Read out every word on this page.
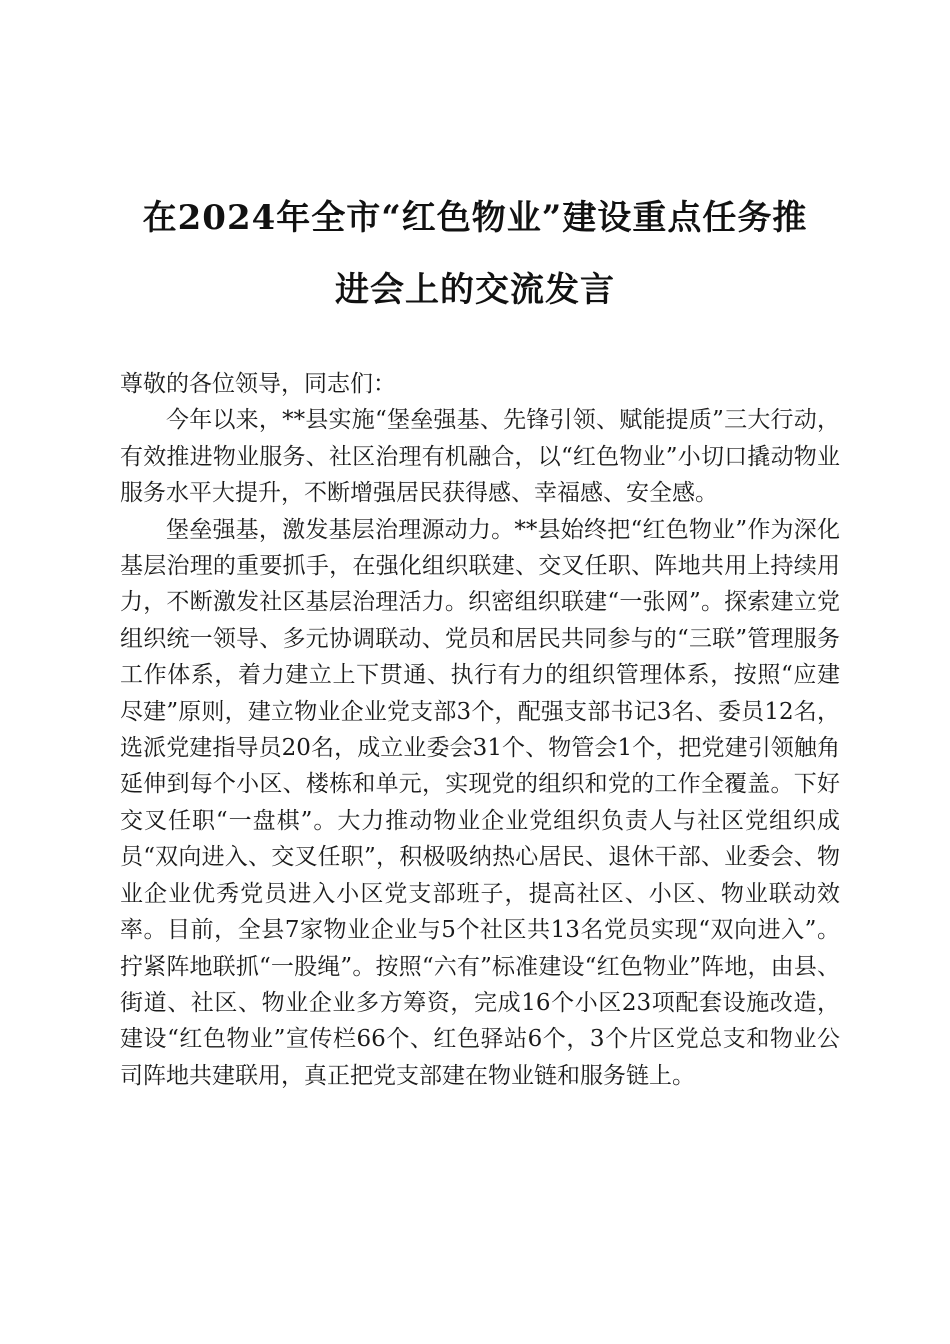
在2024年全市“红色物业”建设重点任务推
进会上的交流发言

尊敬的各位领导，同志们：

今年以来，**县实施“堡垒强基、先锋引领、赋能提质”三大行动，有效推进物业服务、社区治理有机融合，以“红色物业”小切口撬动物业服务水平大提升，不断增强居民获得感、幸福感、安全感。

堡垒强基，激发基层治理源动力。**县始终把“红色物业”作为深化基层治理的重要抓手，在强化组织联建、交叉任职、阵地共用上持续用力，不断激发社区基层治理活力。织密组织联建“一张网”。探索建立党组织统一领导、多元协调联动、党员和居民共同参与的“三联”管理服务工作体系，着力建立上下贯通、执行有力的组织管理体系，按照“应建尽建”原则，建立物业企业党支部3个，配强支部书记3名、委员12名，选派党建指导员20名，成立业委会31个、物管会1个，把党建引领触角延伸到每个小区、楼栋和单元，实现党的组织和党的工作全覆盖。下好交叉任职“一盘棋”。大力推动物业企业党组织负责人与社区党组织成员“双向进入、交叉任职”，积极吸纳热心居民、退休干部、业委会、物业企业优秀党员进入小区党支部班子，提高社区、小区、物业联动效率。目前，全县7家物业企业与5个社区共13名党员实现“双向进入”。拧紧阵地联抓“一股绳”。按照“六有”标准建设“红色物业”阵地，由县、街道、社区、物业企业多方筹资，完成16个小区23项配套设施改造，建设“红色物业”宣传栏66个、红色驿站6个，3个片区党总支和物业公司阵地共建联用，真正把党支部建在物业链和服务链上。
